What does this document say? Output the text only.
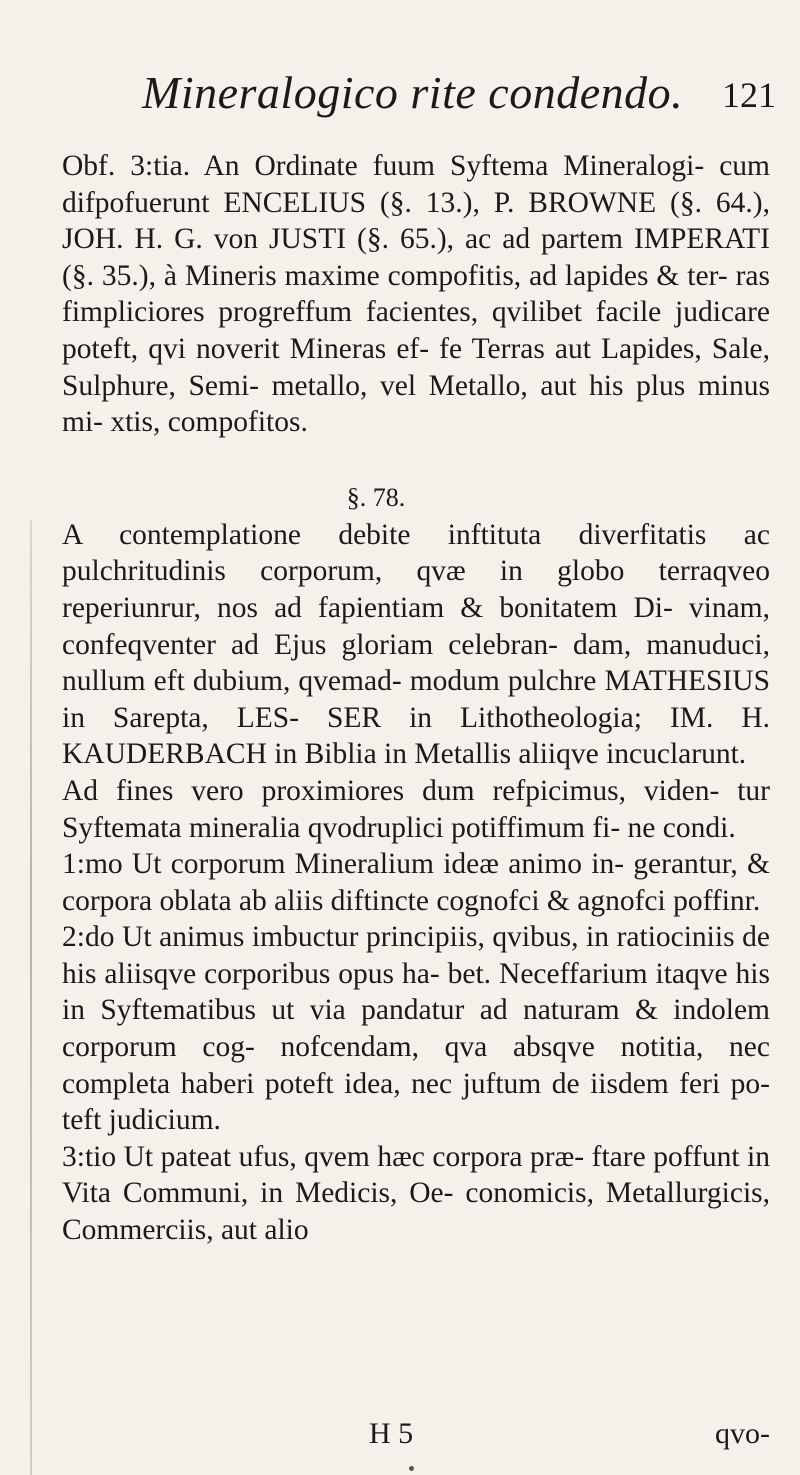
Mineralogico rite condendo. 121

Obf. 3:tia. An Ordinate fuum Syftema Mineralogi- cum difpofuerunt ENCELIUS (§. 13.), P. BROWNE (§. 64.), JOH. H. G. von JUSTI (§. 65.), ac ad partem IMPERATI (§. 35.), à Mineris maxime compofitis, ad lapides & ter- ras fimpliciores progreffum facientes, qvilibet facile judicare poteft, qvi noverit Mineras ef- fe Terras aut Lapides, Sale, Sulphure, Semi- metallo, vel Metallo, aut his plus minus mi- xtis, compofitos.

§. 78.

A contemplatione debite inftituta diverfitatis ac pulchritudinis corporum, qvæ in globo terraqveo reperiunrur, nos ad fapientiam & bonitatem Di- vinam, confeqventer ad Ejus gloriam celebran- dam, manuduci, nullum eft dubium, qvemad- modum pulchre MATHESIUS in Sarepta, LES- SER in Lithotheologia; IM. H. KAUDERBACH in Biblia in Metallis aliiqve incuclarunt.

Ad fines vero proximiores dum refpicimus, viden- tur Syftemata mineralia qvodruplici potiffimum fi- ne condi.

1:mo Ut corporum Mineralium ideæ animo in- gerantur, & corpora oblata ab aliis diftincte cognofci & agnofci poffinr.

2:do Ut animus imbuctur principiis, qvibus, in ratiociniis de his aliisqve corporibus opus ha- bet. Neceffarium itaqve his in Syftematibus ut via pandatur ad naturam & indolem corporum cog- nofcendam, qva absqve notitia, nec completa haberi poteft idea, nec juftum de iisdem feri po- teft judicium.

3:tio Ut pateat ufus, qvem hæc corpora præ- ftare poffunt in Vita Communi, in Medicis, Oe- conomicis, Metallurgicis, Commerciis, aut alio

H 5	qvo-
